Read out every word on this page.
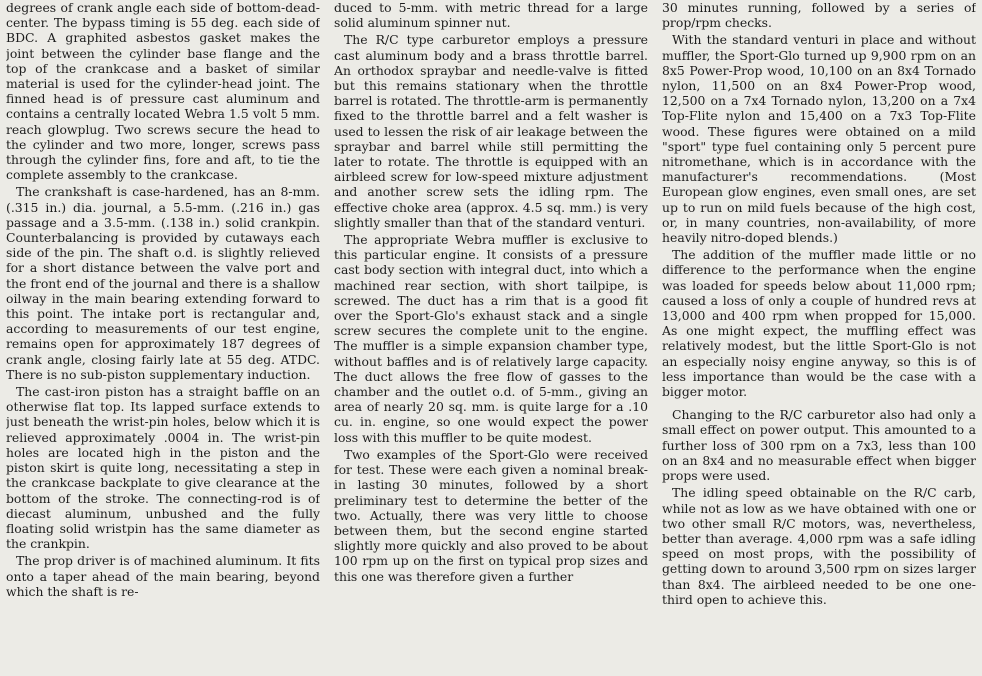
degrees of crank angle each side of bottom-dead-center. The bypass timing is 55 deg. each side of BDC. A graphited asbestos gasket makes the joint between the cylinder base flange and the top of the crankcase and a basket of similar material is used for the cylinder-head joint. The finned head is of pressure cast aluminum and contains a centrally located Webra 1.5 volt 5 mm. reach glowplug. Two screws secure the head to the cylinder and two more, longer, screws pass through the cylinder fins, fore and aft, to tie the complete assembly to the crankcase.

The crankshaft is case-hardened, has an 8-mm. (.315 in.) dia. journal, a 5.5-mm. (.216 in.) gas passage and a 3.5-mm. (.138 in.) solid crankpin. Counterbalancing is provided by cutaways each side of the pin. The shaft o.d. is slightly relieved for a short distance between the valve port and the front end of the journal and there is a shallow oilway in the main bearing extending forward to this point. The intake port is rectangular and, according to measurements of our test engine, remains open for approximately 187 degrees of crank angle, closing fairly late at 55 deg. ATDC. There is no sub-piston supplementary induction.

The cast-iron piston has a straight baffle on an otherwise flat top. Its lapped surface extends to just beneath the wrist-pin holes, below which it is relieved approximately .0004 in. The wrist-pin holes are located high in the piston and the piston skirt is quite long, necessitating a step in the crankcase backplate to give clearance at the bottom of the stroke. The connecting-rod is of diecast aluminum, unbushed and the fully floating solid wristpin has the same diameter as the crankpin.

The prop driver is of machined aluminum. It fits onto a taper ahead of the main bearing, beyond which the shaft is re-

duced to 5-mm. with metric thread for a large solid aluminum spinner nut.

The R/C type carburetor employs a pressure cast aluminum body and a brass throttle barrel. An orthodox spraybar and needle-valve is fitted but this remains stationary when the throttle barrel is rotated. The throttle-arm is permanently fixed to the throttle barrel and a felt washer is used to lessen the risk of air leakage between the spraybar and barrel while still permitting the later to rotate. The throttle is equipped with an airbleed screw for low-speed mixture adjustment and another screw sets the idling rpm. The effective choke area (approx. 4.5 sq. mm.) is very slightly smaller than that of the standard venturi.

The appropriate Webra muffler is exclusive to this particular engine. It consists of a pressure cast body section with integral duct, into which a machined rear section, with short tailpipe, is screwed. The duct has a rim that is a good fit over the Sport-Glo's exhaust stack and a single screw secures the complete unit to the engine. The muffler is a simple expansion chamber type, without baffles and is of relatively large capacity. The duct allows the free flow of gasses to the chamber and the outlet o.d. of 5-mm., giving an area of nearly 20 sq. mm. is quite large for a .10 cu. in. engine, so one would expect the power loss with this muffler to be quite modest.

Two examples of the Sport-Glo were received for test. These were each given a nominal break-in lasting 30 minutes, followed by a short preliminary test to determine the better of the two. Actually, there was very little to choose between them, but the second engine started slightly more quickly and also proved to be about 100 rpm up on the first on typical prop sizes and this one was therefore given a further

30 minutes running, followed by a series of prop/rpm checks.

With the standard venturi in place and without muffler, the Sport-Glo turned up 9,900 rpm on an 8x5 Power-Prop wood, 10,100 on an 8x4 Tornado nylon, 11,500 on an 8x4 Power-Prop wood, 12,500 on a 7x4 Tornado nylon, 13,200 on a 7x4 Top-Flite nylon and 15,400 on a 7x3 Top-Flite wood. These figures were obtained on a mild "sport" type fuel containing only 5 percent pure nitromethane, which is in accordance with the manufacturer's recommendations. (Most European glow engines, even small ones, are set up to run on mild fuels because of the high cost, or, in many countries, non-availability, of more heavily nitro-doped blends.)

The addition of the muffler made little or no difference to the performance when the engine was loaded for speeds below about 11,000 rpm; caused a loss of only a couple of hundred revs at 13,000 and 400 rpm when propped for 15,000. As one might expect, the muffling effect was relatively modest, but the little Sport-Glo is not an especially noisy engine anyway, so this is of less importance than would be the case with a bigger motor.

Changing to the R/C carburetor also had only a small effect on power output. This amounted to a further loss of 300 rpm on a 7x3, less than 100 on an 8x4 and no measurable effect when bigger props were used.

The idling speed obtainable on the R/C carb, while not as low as we have obtained with one or two other small R/C motors, was, nevertheless, better than average. 4,000 rpm was a safe idling speed on most props, with the possibility of getting down to around 3,500 rpm on sizes larger than 8x4. The airbleed needed to be one one-third open to achieve this.
